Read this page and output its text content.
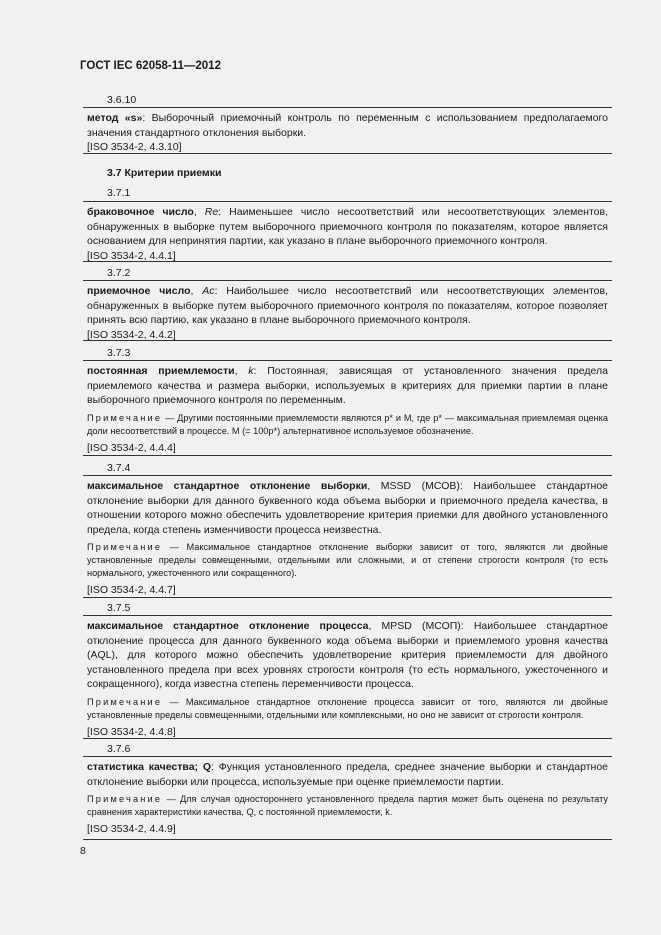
ГОСТ IEC 62058-11—2012
3.6.10

метод «s»: Выборочный приемочный контроль по переменным с использованием предполагаемого значения стандартного отклонения выборки.

[ISO 3534-2, 4.3.10]
3.7 Критерии приемки
3.7.1

браковочное число, Re: Наименьшее число несоответствий или несоответствующих элементов, обнаруженных в выборке путем выборочного приемочного контроля по показателям, которое является основанием для непринятия партии, как указано в плане выборочного приемочного контроля.

[ISO 3534-2, 4.4.1]
3.7.2

приемочное число, Ac: Наибольшее число несоответствий или несоответствующих элементов, обнаруженных в выборке путем выборочного приемочного контроля по показателям, которое позволяет принять всю партию, как указано в плане выборочного приемочного контроля.

[ISO 3534-2, 4.4.2]
3.7.3

постоянная приемлемости, k: Постоянная, зависящая от установленного значения предела приемлемого качества и размера выборки, используемых в критериях для приемки партии в плане выборочного приемочного контроля по переменным.

Примечание — Другими постоянными приемлемости являются p* и M, где p* — максимальная приемлемая оценка доли несоответствий в процессе. M (= 100p*) альтернативное используемое обозначение.

[ISO 3534-2, 4.4.4]
3.7.4

максимальное стандартное отклонение выборки, MSSD (МСОВ): Наибольшее стандартное отклонение выборки для данного буквенного кода объема выборки и приемочного предела качества, в отношении которого можно обеспечить удовлетворение критерия приемки для двойного установленного предела, когда степень изменчивости процесса неизвестна.

Примечание — Максимальное стандартное отклонение выборки зависит от того, являются ли двойные установленные пределы совмещенными, отдельными или сложными, и от степени строгости контроля (то есть нормального, ужесточенного или сокращенного).

[ISO 3534-2, 4.4.7]
3.7.5

максимальное стандартное отклонение процесса, MPSD (МСОП): Наибольшее стандартное отклонение процесса для данного буквенного кода объема выборки и приемлемого уровня качества (AQL), для которого можно обеспечить удовлетворение критерия приемлемости для двойного установленного предела при всех уровнях строгости контроля (то есть нормального, ужесточенного и сокращенного), когда известна степень переменчивости процесса.

Примечание — Максимальное стандартное отклонение процесса зависит от того, являются ли двойные установленные пределы совмещенными, отдельными или комплексными, но оно не зависит от строгости контроля.

[ISO 3534-2, 4.4.8]
3.7.6

статистика качества; Q: Функция установленного предела, среднее значение выборки и стандартное отклонение выборки или процесса, используемые при оценке приемлемости партии.

Примечание — Для случая одностороннего установленного предела партия может быть оценена по результату сравнения характеристики качества, Q, с постоянной приемлемости, k.

[ISO 3534-2, 4.4.9]
8
